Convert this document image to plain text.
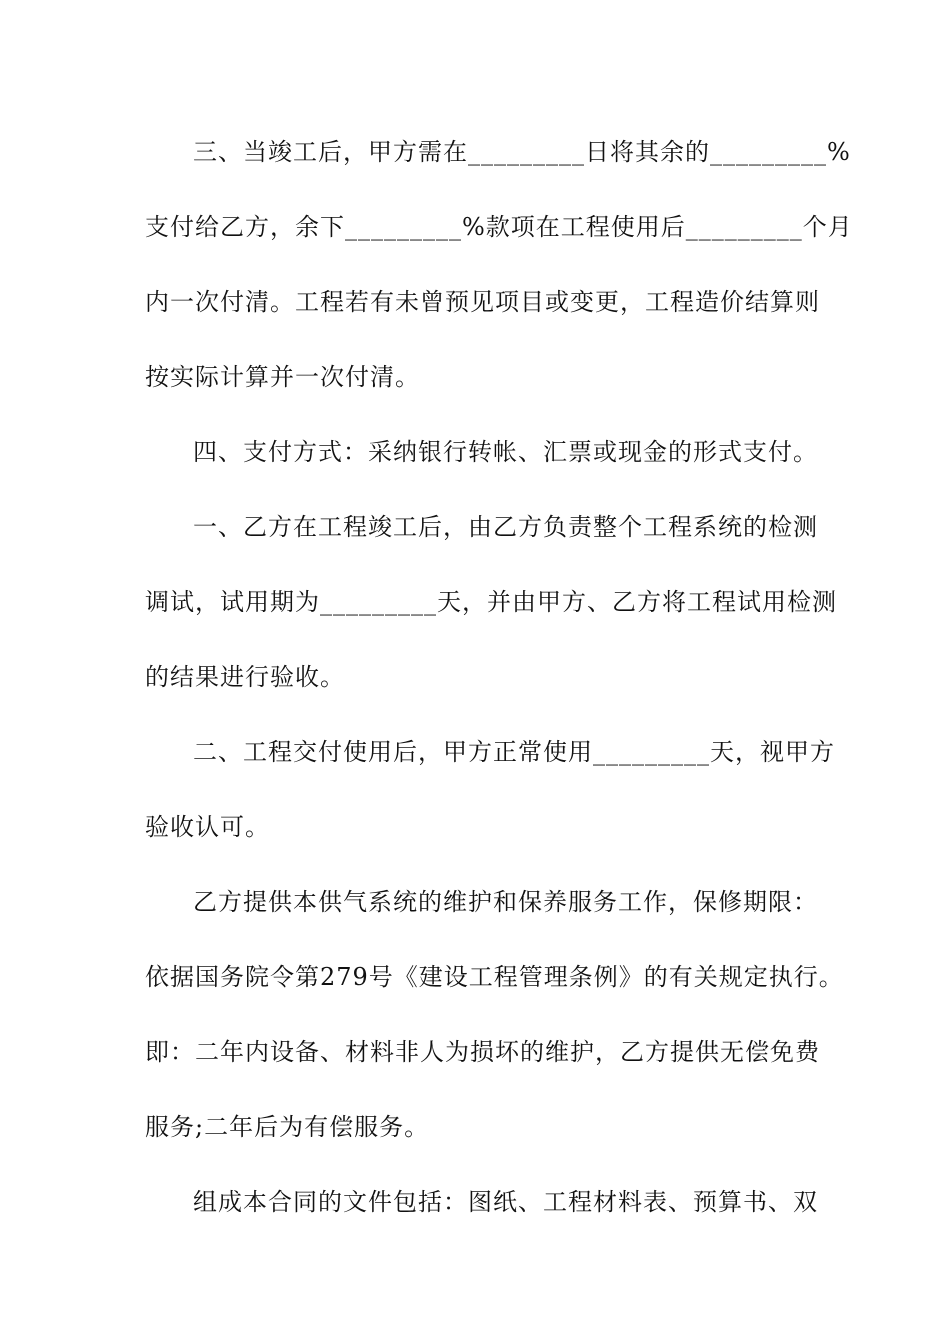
三、当竣工后，甲方需在_________日将其余的_________%
支付给乙方，余下_________%款项在工程使用后_________个月
内一次付清。工程若有未曾预见项目或变更，工程造价结算则
按实际计算并一次付清。
四、支付方式：采纳银行转帐、汇票或现金的形式支付。
一、乙方在工程竣工后，由乙方负责整个工程系统的检测
调试，试用期为_________天，并由甲方、乙方将工程试用检测
的结果进行验收。
二、工程交付使用后，甲方正常使用_________天，视甲方
验收认可。
乙方提供本供气系统的维护和保养服务工作，保修期限：
依据国务院令第279号《建设工程管理条例》的有关规定执行。
即：二年内设备、材料非人为损坏的维护，乙方提供无偿免费
服务;二年后为有偿服务。
组成本合同的文件包括：图纸、工程材料表、预算书、双
